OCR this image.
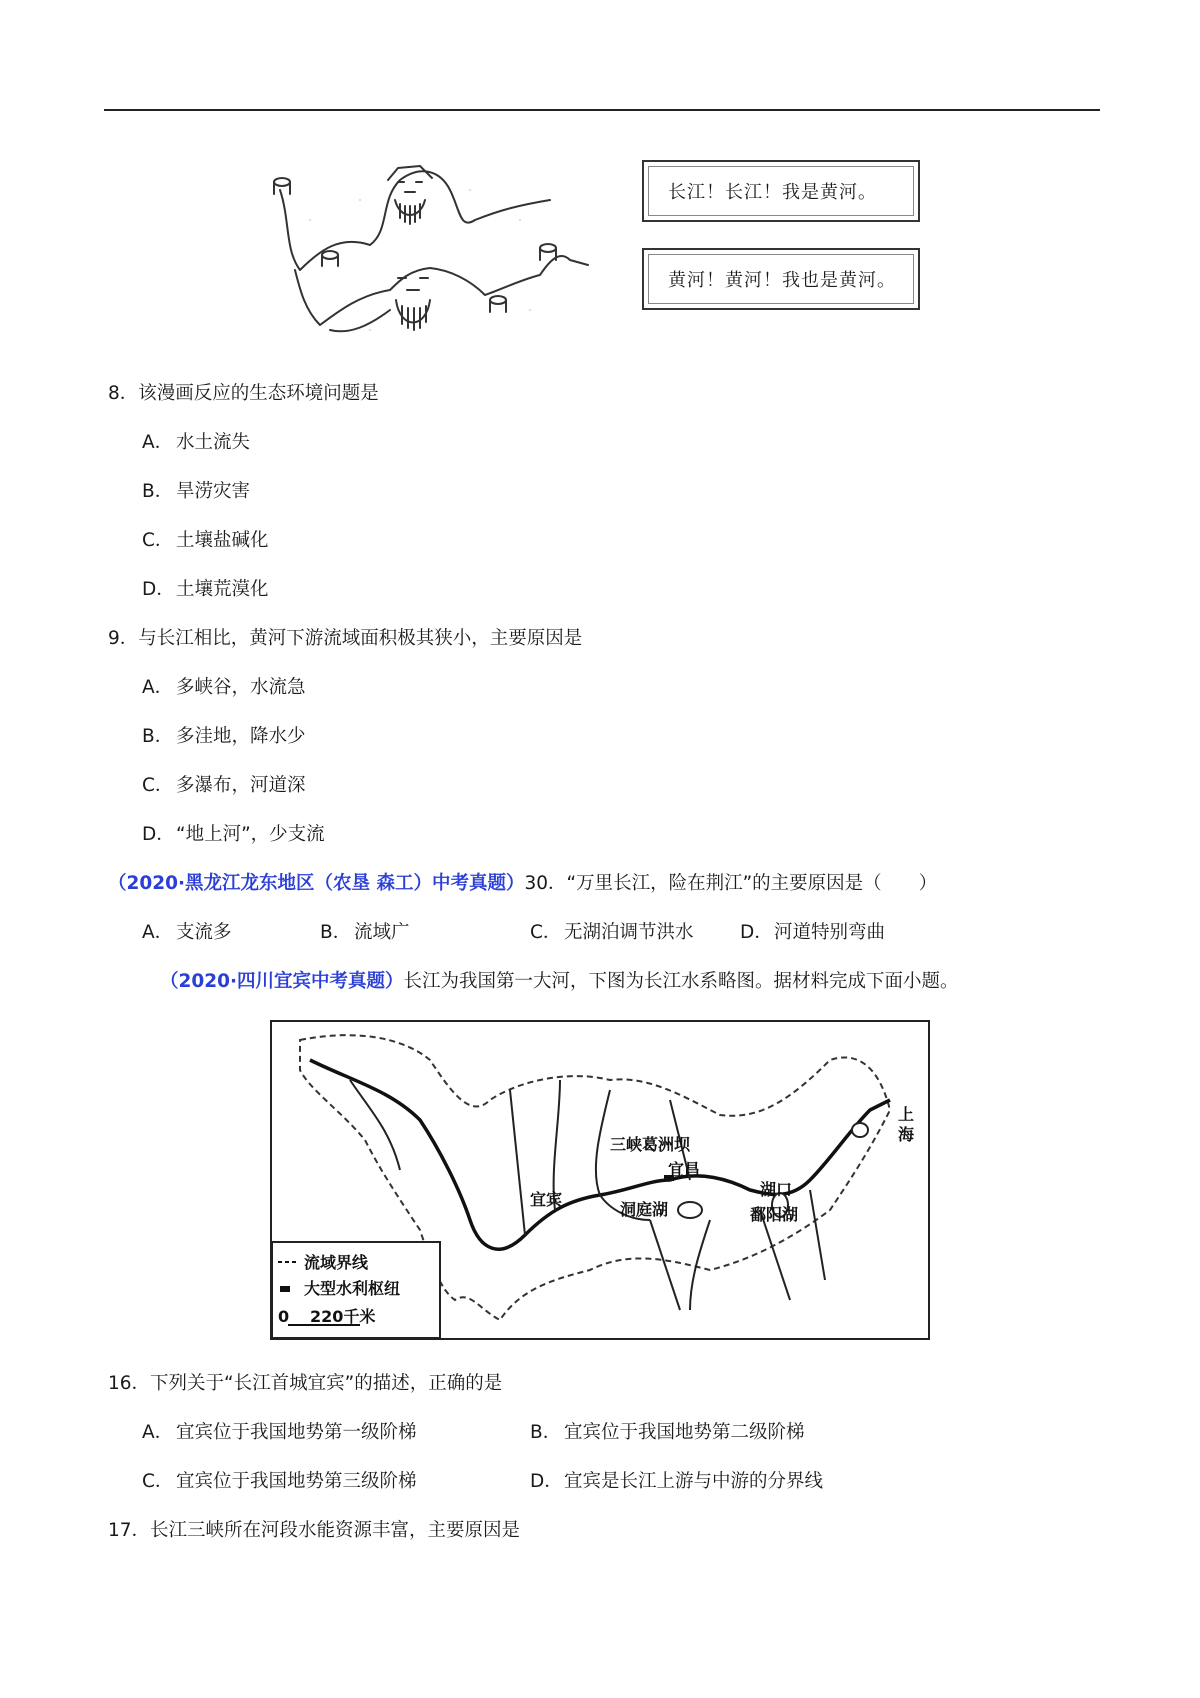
长江！长江！我是黄河。
黄河！黄河！我也是黄河。
8．该漫画反应的生态环境问题是
A． 水土流失
B． 旱涝灾害
C． 土壤盐碱化
D．土壤荒漠化
9．与长江相比，黄河下游流域面积极其狭小，主要原因是
A． 多峡谷，水流急
B． 多洼地，降水少
C． 多瀑布，河道深
D．“地上河”，少支流
（2020·黑龙江龙东地区（农垦 森工）中考真题）30．“万里长江，险在荆江”的主要原因是（　　）
A． 支流多	B． 流域广	C． 无湖泊调节洪水	D．河道特别弯曲
（2020·四川宜宾中考真题）长江为我国第一大河，下图为长江水系略图。据材料完成下面小题。
三峡葛洲坝
宜昌
宜宾
洞庭湖
湖口
鄱阳湖
上
海
流域界线
大型水利枢纽
0 220千米
16．下列关于“长江首城宜宾”的描述，正确的是
A． 宜宾位于我国地势第一级阶梯	B． 宜宾位于我国地势第二级阶梯
C． 宜宾位于我国地势第三级阶梯	D．宜宾是长江上游与中游的分界线
17．长江三峡所在河段水能资源丰富，主要原因是
